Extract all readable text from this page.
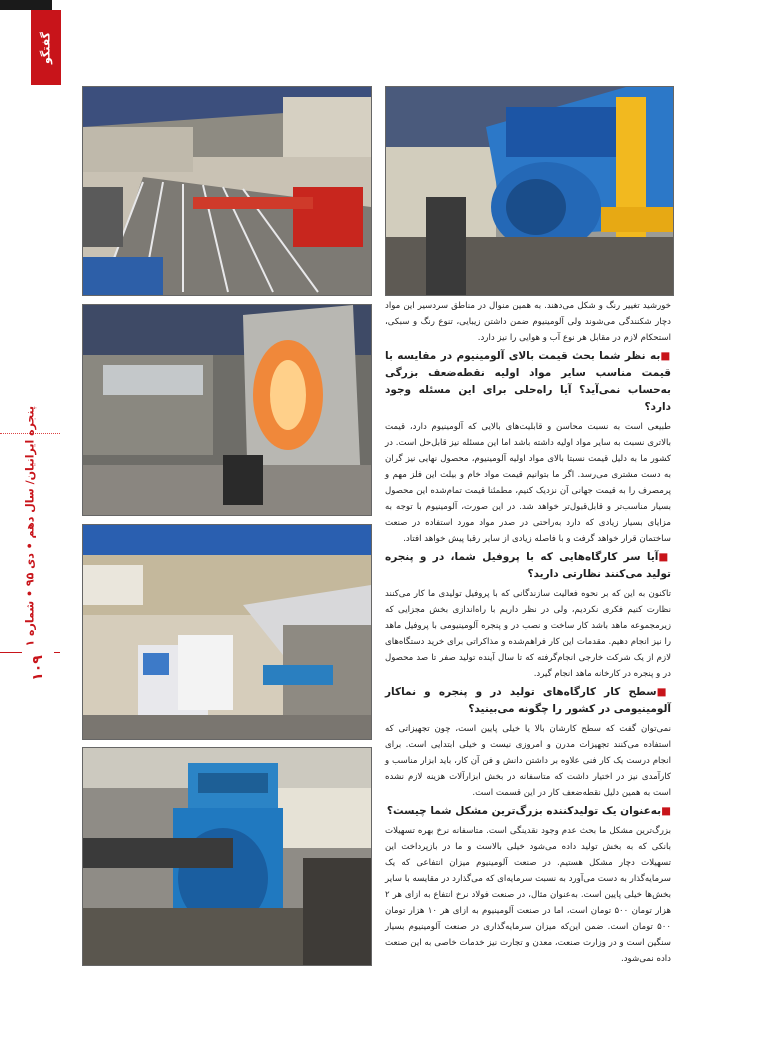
گفتگو
پنجره ایرانیان/ سال دهم • دی ۹۵ • شماره
۱۰۹

خورشید تغییر رنگ و شکل می‌دهند. به همین منوال در مناطق سردسیر این مواد دچار شکنندگی می‌شوند ولی آلومینیوم ضمن داشتن زیبایی، تنوع رنگ و سبکی، استحکام لازم در مقابل هر نوع آب و هوایی را نیز دارد.

■به نظر شما بحث قیمت بالای آلومینیوم در مقایسه با قیمت مناسب سایر مواد اولیه نقطه‌ضعف بزرگی به‌حساب نمی‌آید؟ آیا راه‌حلی برای این مسئله وجود دارد؟

طبیعی است به نسبت محاسن و قابلیت‌های بالایی که آلومینیوم دارد، قیمت بالاتری نسبت به سایر مواد اولیه داشته باشد اما این مسئله نیز قابل‌حل است. در کشور ما به دلیل قیمت نسبتا بالای مواد اولیه آلومینیوم، محصول نهایی نیز گران به دست مشتری می‌رسد. اگر ما بتوانیم قیمت مواد خام و بیلت این فلز مهم و پرمصرف را به قیمت جهانی آن نزدیک کنیم، مطمئنا قیمت تمام‌شده این محصول بسیار مناسب‌تر و قابل‌قبول‌تر خواهد شد. در این صورت، آلومینیوم با توجه به مزایای بسیار زیادی که دارد به‌راحتی در صدر مواد مورد استفاده در صنعت ساختمان قرار خواهد گرفت و با فاصله زیادی از سایر رقبا پیش خواهد افتاد.

■آیا سر کارگاه‌هایی که با پروفیل شما، در و پنجره تولید می‌کنند نظارتی دارید؟

تاکنون به این که بر نحوه فعالیت سازندگانی که با پروفیل تولیدی ما کار می‌کنند نظارت کنیم فکری نکردیم، ولی در نظر داریم با راه‌اندازی بخش مجزایی که زیرمجموعه ماهد باشد کار ساخت و نصب در و پنجره آلومینیومی با پروفیل ماهد را نیز انجام دهیم. مقدمات این کار فراهم‌شده و مذاکراتی برای خرید دستگاه‌های لازم از یک شرکت خارجی انجام‌گرفته که تا سال آینده تولید صفر تا صد محصول در و پنجره در کارخانه ماهد انجام گیرد.

■سطح کار کارگاه‌های تولید در و پنجره و نماکار آلومینیومی در کشور را چگونه می‌بینید؟

نمی‌توان گفت که سطح کارشان بالا یا خیلی پایین است، چون تجهیزاتی که استفاده می‌کنند تجهیزات مدرن و امروزی نیست و خیلی ابتدایی است. برای انجام درست یک کار فنی علاوه بر داشتن دانش و فن آن کار، باید ابزار مناسب و کارآمدی نیز در اختیار داشت که متاسفانه در بخش ابزارآلات هزینه لازم نشده است به همین دلیل نقطه‌ضعف کار در این قسمت است.

■به‌عنوان یک تولیدکننده بزرگ‌ترین مشکل شما چیست؟

بزرگ‌ترین مشکل ما بحث عدم وجود نقدینگی است. متاسفانه نرخ بهره تسهیلات بانکی که به بخش تولید داده می‌شود خیلی بالاست و ما در بازپرداخت این تسهیلات دچار مشکل هستیم. در صنعت آلومینیوم میزان انتفاعی که یک سرمایه‌گذار به دست می‌آورد به نسبت سرمایه‌ای که می‌گذارد در مقایسه با سایر بخش‌ها خیلی پایین است. به‌عنوان مثال، در صنعت فولاد نرخ انتفاع به ازای هر ۲ هزار تومان ۵۰۰ تومان است، اما در صنعت آلومینیوم به ازای هر ۱۰ هزار تومان ۵۰۰ تومان است. ضمن این‌که میزان سرمایه‌گذاری در صنعت آلومینیوم بسیار سنگین است و در وزارت صنعت، معدن و تجارت نیز خدمات خاصی به این صنعت داده نمی‌شود.
